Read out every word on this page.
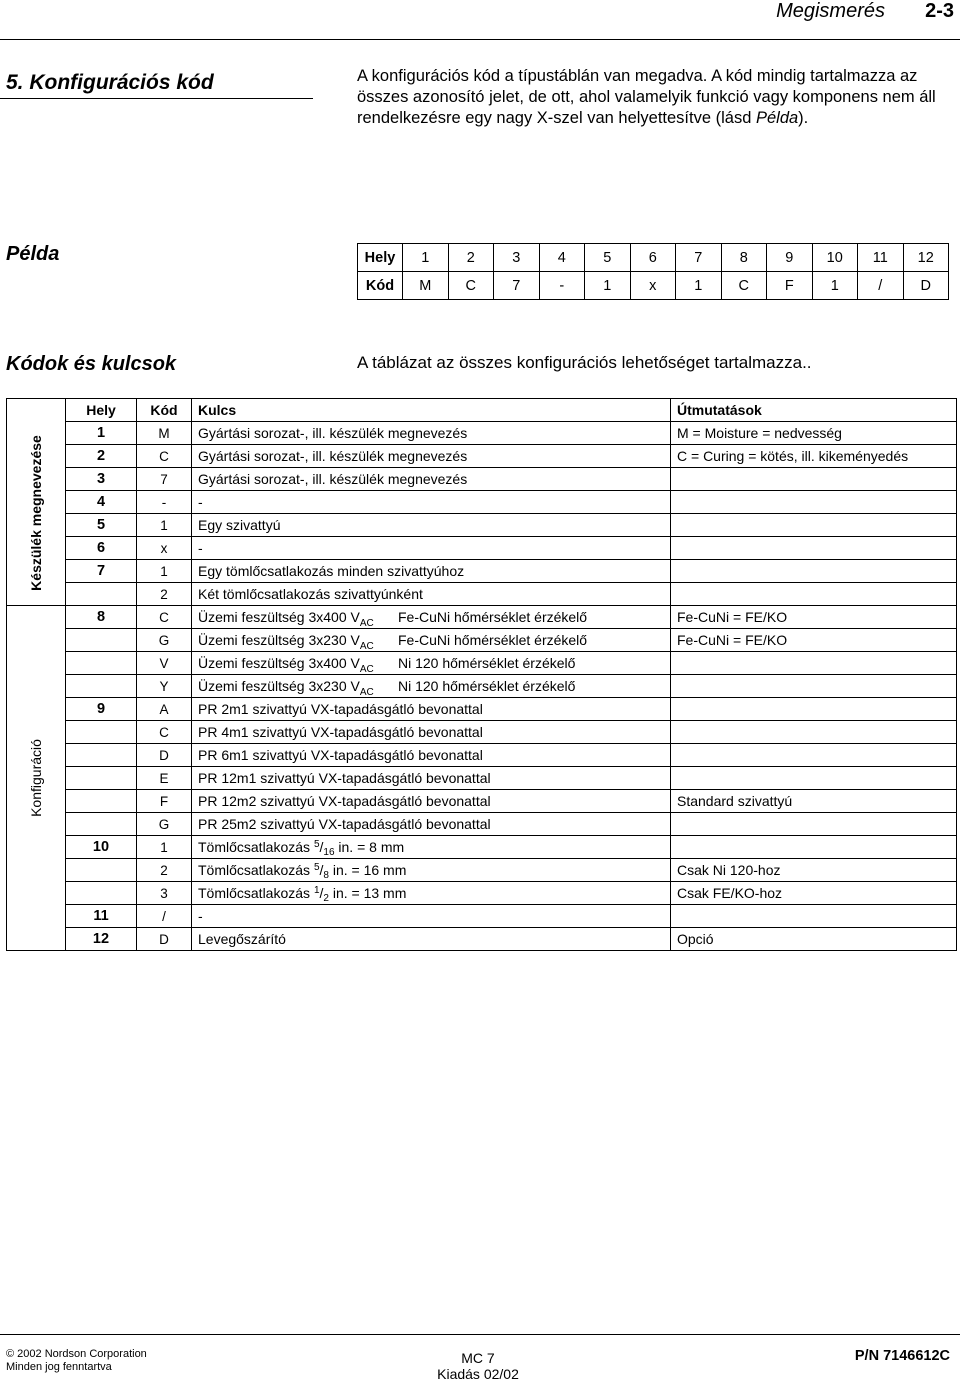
Megismerés 2-3
5. Konfigurációs kód	A konfigurációs kód a típustáblán van megadva. A kód mindig tartalmazza az összes azonosító jelet, de ott, ahol valamelyik funkció vagy komponens nem áll rendelkezésre egy nagy X-szel van helyettesítve (lásd Példa).
Példa	Hely	1	2	3	4	5	6	7	8	9	10	11	12
Kód	M	C	7	-	1	x	1	C	F	1	/	D
Kódok és kulcsok	A táblázat az összes konfigurációs lehetőséget tartalmazza..
	Hely	Kód	Kulcs	Útmutatások

Készülék megnevezése	1	M	Gyártási sorozat-, ill. készülék megnevezés	M = Moisture = nedvesség
	2	C	Gyártási sorozat-, ill. készülék megnevezés	C = Curing = kötés, ill. kikeményedés
	3	7	Gyártási sorozat-, ill. készülék megnevezés	
	4	-	-	
	5	1	Egy szivattyú	
	6	x	-	
	7	1	Egy tömlőcsatlakozás minden szivattyúhoz	
		2	Két tömlőcsatlakozás szivattyúnként	

Konfiguráció	8	C	Üzemi feszültség 3x400 $V_{AC}$ Fe-CuNi hőmérséklet érzékelő	Fe-CuNi = FE/KO
		G	Üzemi feszültség 3x230 $V_{AC}$ Fe-CuNi hőmérséklet érzékelő	Fe-CuNi = FE/KO
		V	Üzemi feszültség 3x400 $V_{AC}$ Ni 120 hőmérséklet érzékelő	
		Y	Üzemi feszültség 3x230 $V_{AC}$ Ni 120 hőmérséklet érzékelő	
	9	A	PR 2m1 szivattyú VX-tapadásgátló bevonattal	
		C	PR 4m1 szivattyú VX-tapadásgátló bevonattal	
		D	PR 6m1 szivattyú VX-tapadásgátló bevonattal	
		E	PR 12m1 szivattyú VX-tapadásgátló bevonattal	
		F	PR 12m2 szivattyú VX-tapadásgátló bevonattal	Standard szivattyú
		G	PR 25m2 szivattyú VX-tapadásgátló bevonattal	
	10	1	Tömlőcsatlakozás $^5/_{16}$ in. = 8 mm	
		2	Tömlőcsatlakozás $^5/_8$ in. = 16 mm	Csak Ni 120-hoz
		3	Tömlőcsatlakozás $^1/_2$ in. = 13 mm	Csak FE/KO-hoz
	11	/	-	
	12	D	Levegőszárító	Opció
© 2002 Nordson Corporation
Minden jog fenntartva
MC 7
Kiadás 02/02
P/N 7146612C
